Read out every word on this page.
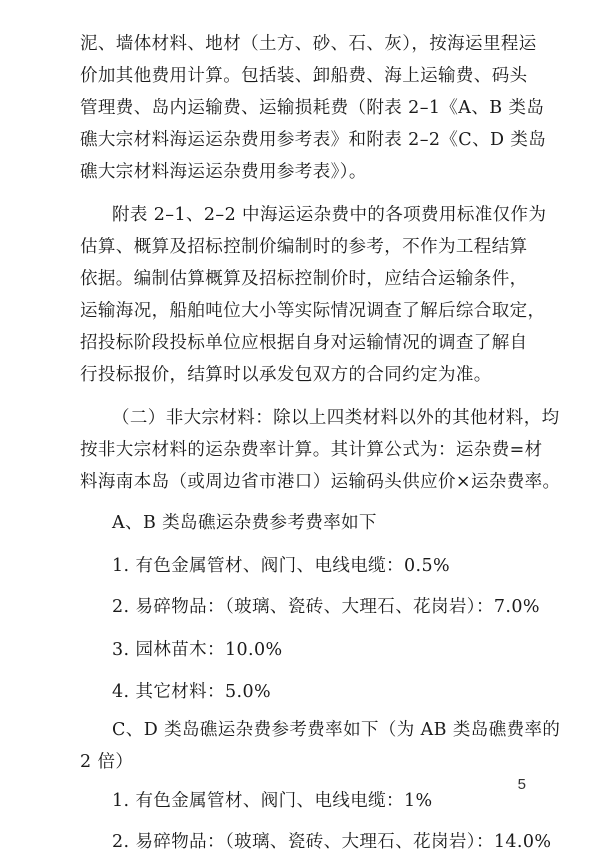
泥、墙体材料、地材（土方、砂、石、灰），按海运里程运
价加其他费用计算。包括装、卸船费、海上运输费、码头
管理费、岛内运输费、运输损耗费（附表 2–1《A、B 类岛
礁大宗材料海运运杂费用参考表》和附表 2–2《C、D 类岛
礁大宗材料海运运杂费用参考表》）。
附表 2–1、2–2 中海运运杂费中的各项费用标准仅作为
估算、概算及招标控制价编制时的参考，不作为工程结算
依据。编制估算概算及招标控制价时，应结合运输条件，
运输海况，船舶吨位大小等实际情况调查了解后综合取定，
招投标阶段投标单位应根据自身对运输情况的调查了解自
行投标报价，结算时以承发包双方的合同约定为准。
（二）非大宗材料：除以上四类材料以外的其他材料，均
按非大宗材料的运杂费率计算。其计算公式为：运杂费=材
料海南本岛（或周边省市港口）运输码头供应价×运杂费率。
A、B 类岛礁运杂费参考费率如下
1. 有色金属管材、阀门、电线电缆：0.5%
2. 易碎物品：（玻璃、瓷砖、大理石、花岗岩）：7.0%
3. 园林苗木：10.0%
4. 其它材料：5.0%
C、D 类岛礁运杂费参考费率如下（为 AB 类岛礁费率的
2 倍）
1. 有色金属管材、阀门、电线电缆：1%
2. 易碎物品：（玻璃、瓷砖、大理石、花岗岩）：14.0%
5
